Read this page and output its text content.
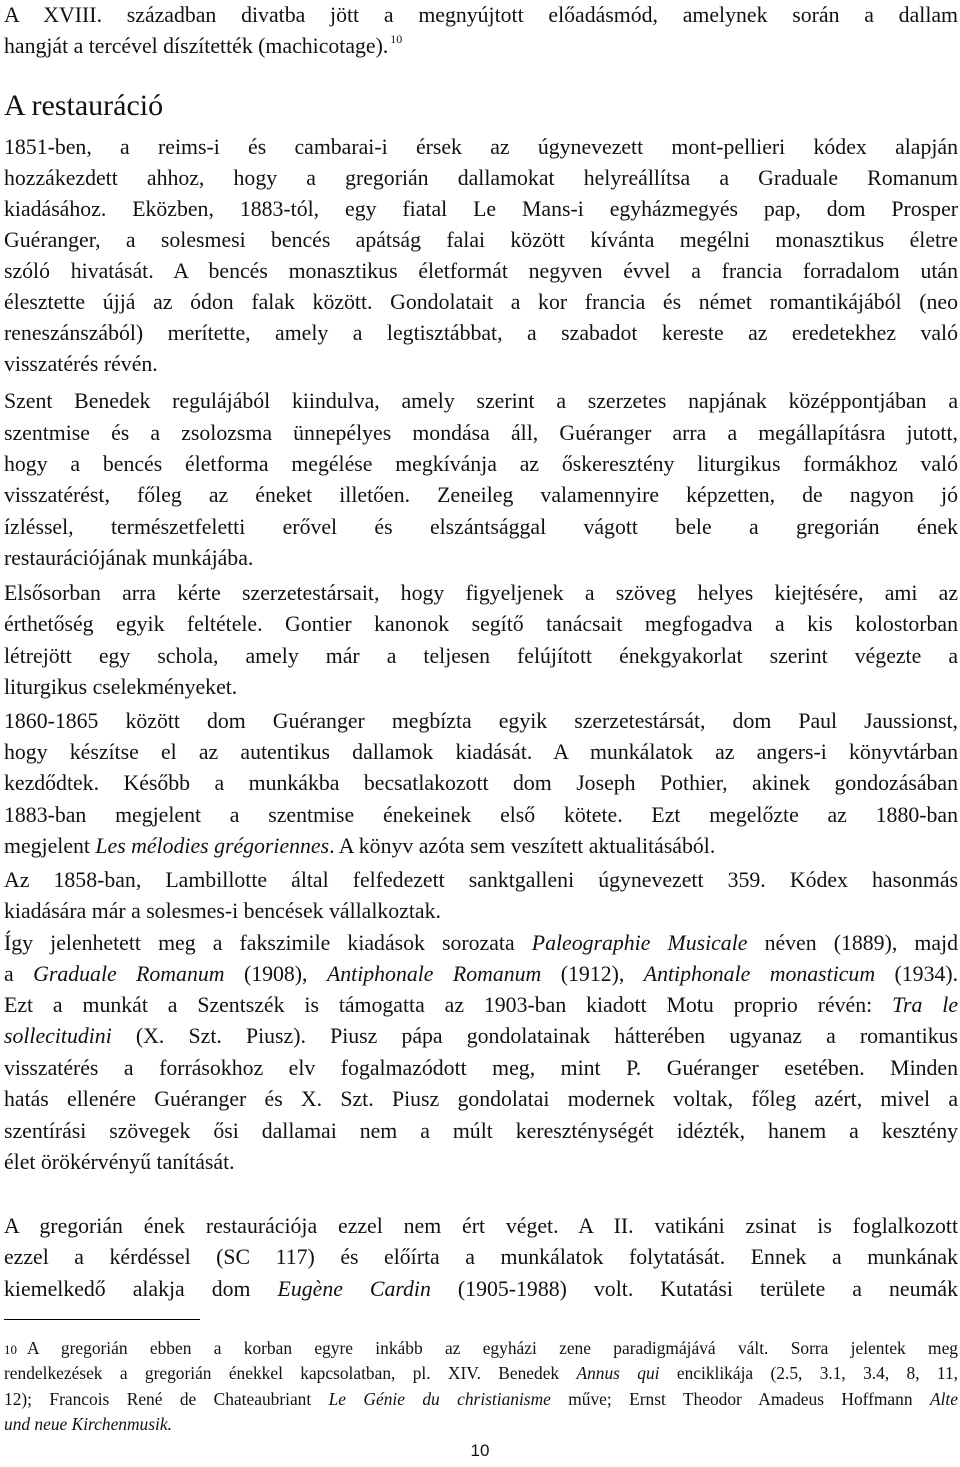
A XVIII. században divatba jött a megnyújtott előadásmód, amelynek során a dallam
hangját a tercével díszítették (machicotage). $^{10}$
A restauráció
1851-ben, a reims-i és cambarai-i érsek az úgynevezett mont-pellieri kódex alapján
hozzákezdett ahhoz, hogy a gregorián dallamokat helyreállítsa a Graduale Romanum
kiadásához. Eközben, 1883-tól, egy fiatal Le Mans-i egyházmegyés pap, dom Prosper
Guéranger, a solesmesi bencés apátság falai között kívánta megélni monasztikus életre
szóló hivatását. A bencés monasztikus életformát negyven évvel a francia forradalom után
élesztette újjá az ódon falak között. Gondolatait a kor francia és német romantikájából (neo
reneszánszából) merítette, amely a legtisztábbat, a szabadot kereste az eredetekhez való
visszatérés révén.
Szent Benedek regulájából kiindulva, amely szerint a szerzetes napjának középpontjában a
szentmise és a zsolozsma ünnepélyes mondása áll, Guéranger arra a megállapításra jutott,
hogy a bencés életforma megélése megkívánja az őskeresztény liturgikus formákhoz való
visszatérést, főleg az éneket illetően. Zeneileg valamennyire képzetten, de nagyon jó
ízléssel, természetfeletti erővel és elszántsággal vágott bele a gregorián ének
restaurációjának munkájába.
Elsősorban arra kérte szerzetestársait, hogy figyeljenek a szöveg helyes kiejtésére, ami az
érthetőség egyik feltétele. Gontier kanonok segítő tanácsait megfogadva a kis kolostorban
létrejött egy schola, amely már a teljesen felújított énekgyakorlat szerint végezte a
liturgikus cselekményeket.
1860-1865 között dom Guéranger megbízta egyik szerzetestársát, dom Paul Jaussionst,
hogy készítse el az autentikus dallamok kiadását. A munkálatok az angers-i könyvtárban
kezdődtek. Később a munkákba becsatlakozott dom Joseph Pothier, akinek gondozásában
1883-ban megjelent a szentmise énekeinek első kötete. Ezt megelőzte az 1880-ban
megjelent Les mélodies grégoriennes. A könyv azóta sem veszített aktualitásából.
Az 1858-ban, Lambillotte által felfedezett sanktgalleni úgynevezett 359. Kódex hasonmás
kiadására már a solesmes-i bencések vállalkoztak.
Így jelenhetett meg a fakszimile kiadások sorozata Paleographie Musicale néven (1889), majd
a Graduale Romanum (1908), Antiphonale Romanum (1912), Antiphonale monasticum (1934).
Ezt a munkát a Szentszék is támogatta az 1903-ban kiadott Motu proprio révén: Tra le
sollecitudini (X. Szt. Piusz). Piusz pápa gondolatainak hátterében ugyanaz a romantikus
visszatérés a forrásokhoz elv fogalmazódott meg, mint P. Guéranger esetében. Minden
hatás ellenére Guéranger és X. Szt. Piusz gondolatai modernek voltak, főleg azért, mivel a
szentírási szövegek ősi dallamai nem a múlt kereszténységét idézték, hanem a kesztény
élet örökérvényű tanítását.
A gregorián ének restaurációja ezzel nem ért véget. A II. vatikáni zsinat is foglalkozott
ezzel a kérdéssel (SC 117) és előírta a munkálatok folytatását. Ennek a munkának
kiemelkedő alakja dom Eugène Cardin (1905-1988) volt. Kutatási területe a neumák
10 A gregorián ebben a korban egyre inkább az egyházi zene paradigmájává vált. Sorra jelentek meg
rendelkezések a gregorián énekkel kapcsolatban, pl. XIV. Benedek Annus qui enciklikája (2.5, 3.1, 3.4, 8, 11,
12); Francois René de Chateaubriant Le Génie du christianisme műve; Ernst Theodor Amadeus Hoffmann Alte
und neue Kirchenmusik.
10
